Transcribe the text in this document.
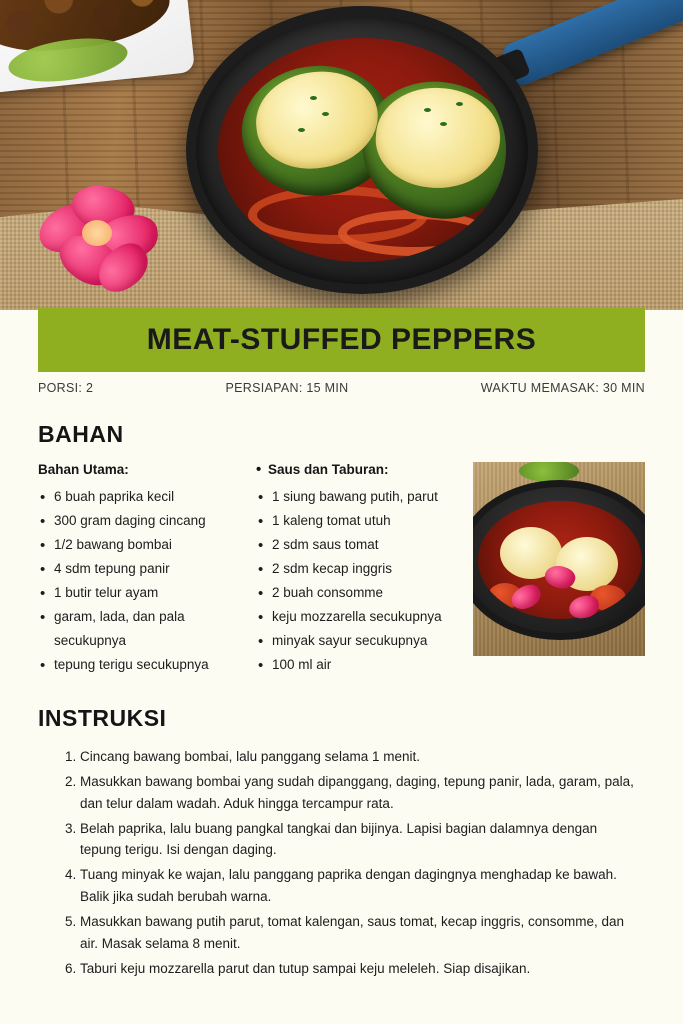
MEAT-STUFFED PEPPERS
PORSI: 2	PERSIAPAN: 15 MIN	WAKTU MEMASAK: 30 MIN
BAHAN
Bahan Utama:
• 6 buah paprika kecil
• 300 gram daging cincang
• 1/2 bawang bombai
• 4 sdm tepung panir
• 1 butir telur ayam
• garam, lada, dan pala secukupnya
• tepung terigu secukupnya
• Saus dan Taburan:
• 1 siung bawang putih, parut
• 1 kaleng tomat utuh
• 2 sdm saus tomat
• 2 sdm kecap inggris
• 2 buah consomme
• keju mozzarella secukupnya
• minyak sayur secukupnya
• 100 ml air
INSTRUKSI
1. Cincang bawang bombai, lalu panggang selama 1 menit.
2. Masukkan bawang bombai yang sudah dipanggang, daging, tepung panir, lada, garam, pala, dan telur dalam wadah. Aduk hingga tercampur rata.
3. Belah paprika, lalu buang pangkal tangkai dan bijinya. Lapisi bagian dalamnya dengan tepung terigu. Isi dengan daging.
4. Tuang minyak ke wajan, lalu panggang paprika dengan dagingnya menghadap ke bawah. Balik jika sudah berubah warna.
5. Masukkan bawang putih parut, tomat kalengan, saus tomat, kecap inggris, consomme, dan air. Masak selama 8 menit.
6. Taburi keju mozzarella parut dan tutup sampai keju meleleh. Siap disajikan.
